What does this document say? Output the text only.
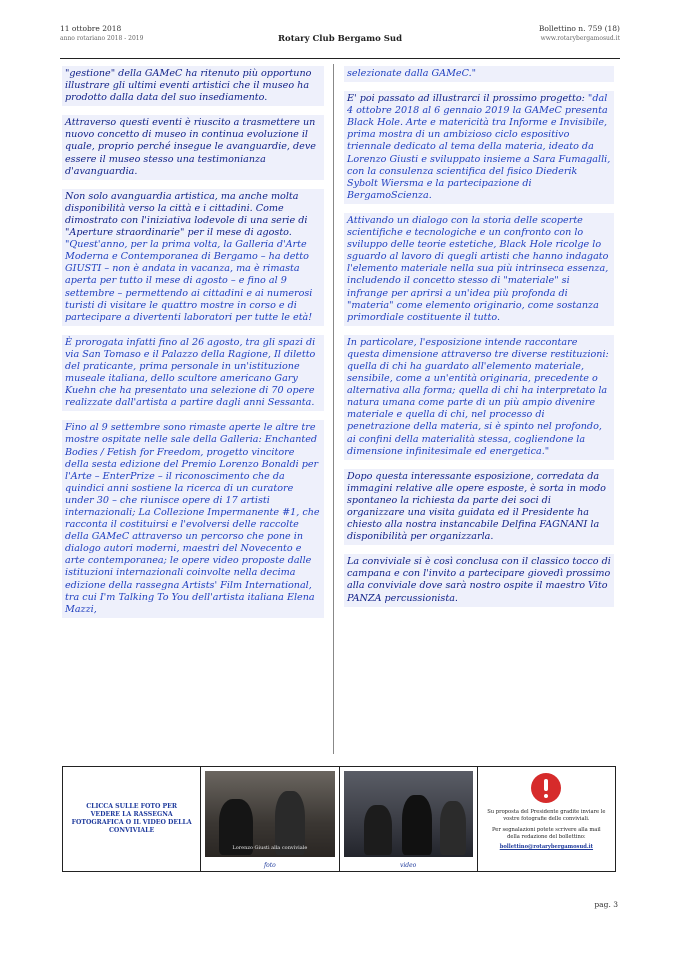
11 ottobre 2018
anno rotariano 2018 - 2019	Rotary Club Bergamo Sud
Bollettino n. 759 (18)
www.rotarybergamosud.it

"gestione" della GAMeC ha ritenuto più opportuno illustrare gli ultimi eventi artistici che il museo ha prodotto dalla data del suo insediamento.

Attraverso questi eventi è riuscito a trasmettere un nuovo concetto di museo in continua evoluzione il quale, proprio perché insegue le avanguardie, deve essere il museo stesso una testimonianza d'avanguardia.

Non solo avanguardia artistica, ma anche molta disponibilità verso la città e i cittadini. Come dimostrato con l'iniziativa lodevole di una serie di "Aperture straordinarie" per il mese di agosto. "Quest'anno, per la prima volta, la Galleria d'Arte Moderna e Contemporanea di Bergamo – ha detto GIUSTI – non è andata in vacanza, ma è rimasta aperta per tutto il mese di agosto – e fino al 9 settembre – permettendo ai cittadini e ai numerosi turisti di visitare le quattro mostre in corso e di partecipare a divertenti laboratori per tutte le età!

È prorogata infatti fino al 26 agosto, tra gli spazi di via San Tomaso e il Palazzo della Ragione, Il diletto del praticante, prima personale in un'istituzione museale italiana, dello scultore americano Gary Kuehn che ha presentato una selezione di 70 opere realizzate dall'artista a partire dagli anni Sessanta.

Fino al 9 settembre sono rimaste aperte le altre tre mostre ospitate nelle sale della Galleria: Enchanted Bodies / Fetish for Freedom, progetto vincitore della sesta edizione del Premio Lorenzo Bonaldi per l'Arte – EnterPrize – il riconoscimento che da quindici anni sostiene la ricerca di un curatore under 30 – che riunisce opere di 17 artisti internazionali; La Collezione Impermanente #1, che racconta il costituirsi e l'evolversi delle raccolte della GAMeC attraverso un percorso che pone in dialogo autori moderni, maestri del Novecento e arte contemporanea; le opere video proposte dalle istituzioni internazionali coinvolte nella decima edizione della rassegna Artists' Film International, tra cui I'm Talking To You dell'artista italiana Elena Mazzi,

selezionate dalla GAMeC."

E' poi passato ad illustrarci il prossimo progetto: "dal 4 ottobre 2018 al 6 gennaio 2019 la GAMeC presenta Black Hole. Arte e matericità tra Informe e Invisibile, prima mostra di un ambizioso ciclo espositivo triennale dedicato al tema della materia, ideato da Lorenzo Giusti e sviluppato insieme a Sara Fumagalli, con la consulenza scientifica del fisico Diederik Sybolt Wiersma e la partecipazione di BergamoScienza.

Attivando un dialogo con la storia delle scoperte scientifiche e tecnologiche e un confronto con lo sviluppo delle teorie estetiche, Black Hole ricolge lo sguardo al lavoro di quegli artisti che hanno indagato l'elemento materiale nella sua più intrinseca essenza, includendo il concetto stesso di "materiale" si infrange per aprirsi a un'idea più profonda di "materia" come elemento originario, come sostanza primordiale costituente il tutto.

In particolare, l'esposizione intende raccontare questa dimensione attraverso tre diverse restituzioni: quella di chi ha guardato all'elemento materiale, sensibile, come a un'entità originaria, precedente o alternativa alla forma; quella di chi ha interpretato la natura umana come parte di un più ampio divenire materiale e quella di chi, nel processo di penetrazione della materia, si è spinto nel profondo, ai confini della materialità stessa, cogliendone la dimensione infinitesimale ed energetica."

Dopo questa interessante esposizione, corredata da immagini relative alle opere esposte, è sorta in modo spontaneo la richiesta da parte dei soci di organizzare una visita guidata ed il Presidente ha chiesto alla nostra instancabile Delfina FAGNANI la disponibilità per organizzarla.

La conviviale si è così conclusa con il classico tocco di campana e con l'invito a partecipare giovedì prossimo alla conviviale dove sarà nostro ospite il maestro Vito PANZA percussionista.

CLICCA SULLE FOTO PER VEDERE LA RASSEGNA FOTOGRAFICA O IL VIDEO DELLA CONVIVIALE
Lorenzo Giusti alla conviviale
foto	video
Su proposta del Presidente gradite inviare le vostre fotografie delle conviviali.
Per segnalazioni potete scrivere alla mail della redazione del bollettino:
bollettino@rotarybergamosud.it
pag. 3
